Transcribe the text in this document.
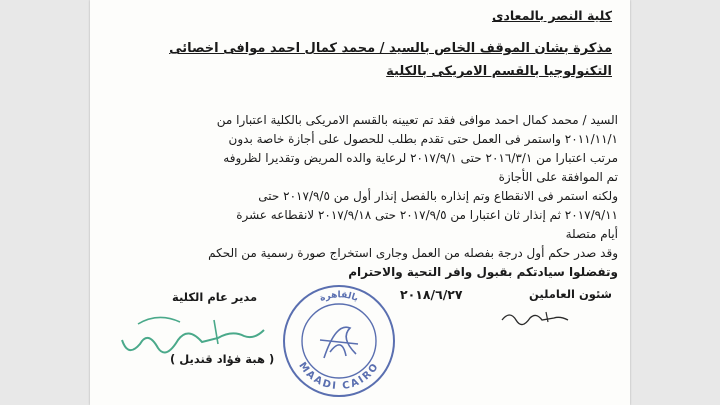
كلية النصر بالمعادى
مذكرة بشان الموقف الخاص بالسيد / محمد كمال احمد موافى اخصائى
التكنولوجيا بالقسم الامريكى بالكلية
السيد / محمد كمال احمد موافى فقد تم تعيينه بالقسم الامريكى بالكلية اعتبارا من
٢٠١١/١١/١ واستمر فى العمل حتى تقدم بطلب للحصول على أجازة خاصة بدون
مرتب اعتبارا من ٢٠١٦/٣/١ حتى ٢٠١٧/٩/١ لرعاية والده المريض وتقديرا لظروفه
تم الموافقة على الأجازة
ولكنه استمر فى الانقطاع وتم إنذاره بالفصل إنذار أول من ٢٠١٧/٩/٥ حتى
٢٠١٧/٩/١١ ثم إنذار ثان اعتبارا من ٢٠١٧/٩/٥ حتى ٢٠١٧/٩/١٨ لانقطاعه عشرة
أيام متصلة
وقد صدر حكم أول درجة بفصله من العمل وجارى استخراج صورة رسمية من الحكم
وتفضلوا سيادتكم بقبول وافر التحية والاحترام
شئون العاملين
٢٠١٨/٦/٢٧
مدير عام الكلية
( هبة فؤاد قنديل )
MAADI CAIRO
بالقاهرة
